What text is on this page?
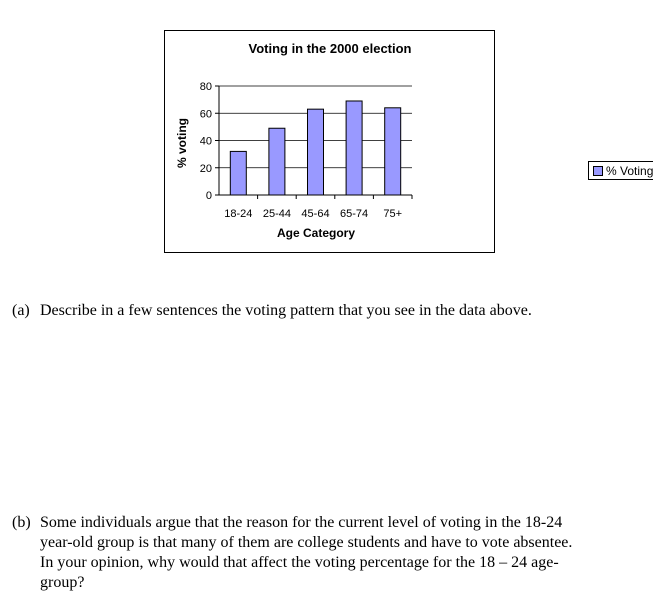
Voting in the 2000 election
0
20
40
60
80
18-24 25-44 45-64 65-74 75+
% voting
Age Category
% Voting
(a) Describe in a few sentences the voting pattern that you see in the data above.

(b) Some individuals argue that the reason for the current level of voting in the 18-24

year-old group is that many of them are college students and have to vote absentee.

In your opinion, why would that affect the voting percentage for the 18 – 24 age-

group?
